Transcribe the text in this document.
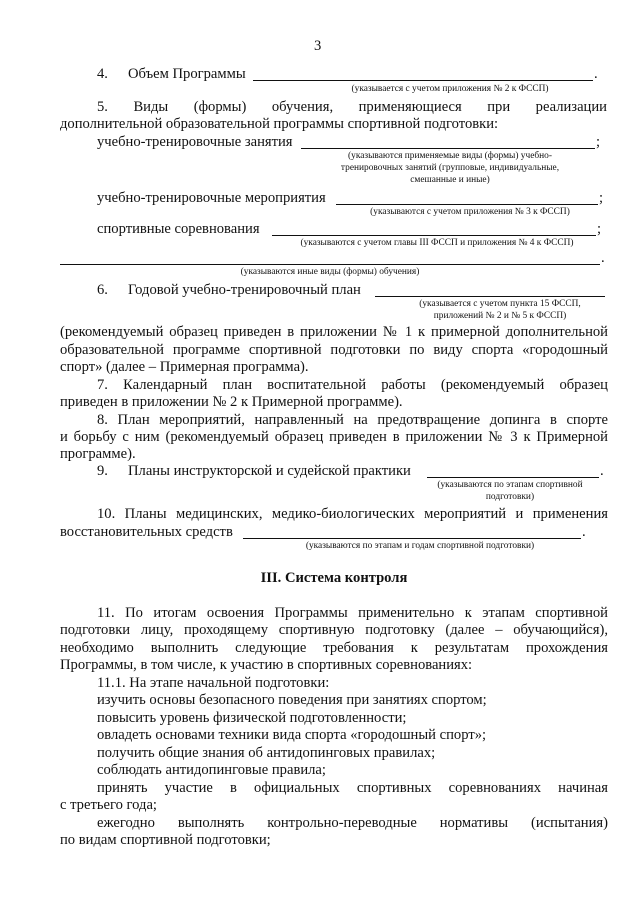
3
4. Объем Программы	.
(указывается с учетом приложения № 2 к ФССП)
5. Виды (формы) обучения, применяющиеся при реализации
дополнительной образовательной программы спортивной подготовки:
учебно-тренировочные занятия	;
(указываются применяемые виды (формы) учебно-
тренировочных занятий (групповые, индивидуальные,
смешанные и иные)
учебно-тренировочные мероприятия	;
(указываются с учетом приложения № 3 к ФССП)
спортивные соревнования	;
(указываются с учетом главы III ФССП и приложения № 4 к ФССП)
.
(указываются иные виды (формы) обучения)
6. Годовой учебно-тренировочный план
(указывается с учетом пункта 15 ФССП,
приложений № 2 и № 5 к ФССП)
(рекомендуемый образец приведен в приложении № 1 к примерной дополнительной
образовательной программе спортивной подготовки по виду спорта «городошный
спорт» (далее – Примерная программа).
7. Календарный план воспитательной работы (рекомендуемый образец
приведен в приложении № 2 к Примерной программе).
8. План мероприятий, направленный на предотвращение допинга в спорте
и борьбу с ним (рекомендуемый образец приведен в приложении № 3 к Примерной
программе).
9. Планы инструкторской и судейской практики	.
(указываются по этапам спортивной
подготовки)
10. Планы медицинских, медико-биологических мероприятий и применения
восстановительных средств	.
(указываются по этапам и годам спортивной подготовки)
III. Система контроля
11. По итогам освоения Программы применительно к этапам спортивной
подготовки лицу, проходящему спортивную подготовку (далее – обучающийся),
необходимо выполнить следующие требования к результатам прохождения
Программы, в том числе, к участию в спортивных соревнованиях:
11.1. На этапе начальной подготовки:
изучить основы безопасного поведения при занятиях спортом;
повысить уровень физической подготовленности;
овладеть основами техники вида спорта «городошный спорт»;
получить общие знания об антидопинговых правилах;
соблюдать антидопинговые правила;
принять участие в официальных спортивных соревнованиях начиная
с третьего года;
ежегодно выполнять контрольно-переводные нормативы (испытания)
по видам спортивной подготовки;
